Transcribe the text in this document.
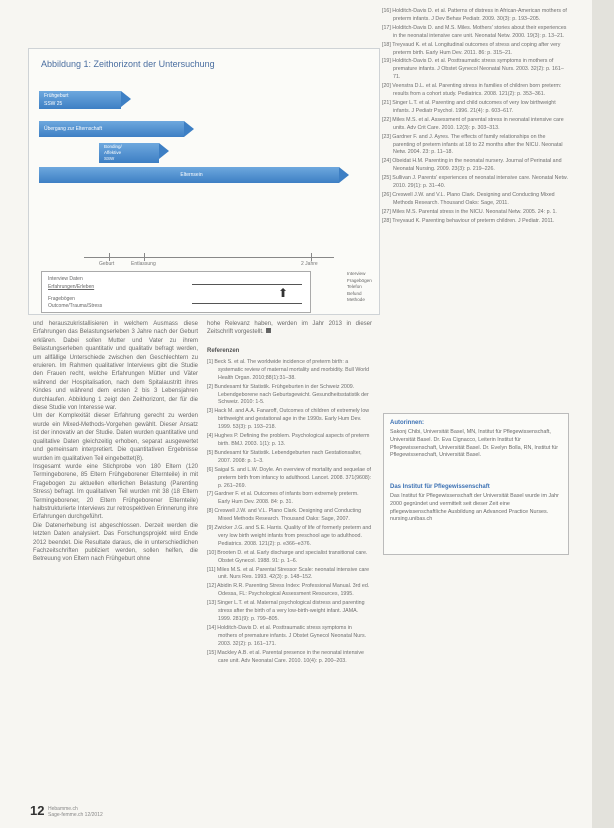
Abbildung 1: Zeithorizont der Untersuchung
Frühgeburt
SSW 25
Übergang zur Elternschaft
Bonding/
Affektive
SSW
Elternsein
Geburt	Entlassung	2 Jahre
Interview Daten
Erfahrungen/Erleben
Fragebögen
Outcome/Trauma/Stress
⬆
Interview
Fragebögen
Telefon
Befund
Methode

und herauszukristallisieren in welchem Ausmass diese Erfahrungen das Belastungserleben 3 Jahre nach der Geburt erklären. Dabei sollen Mutter und Vater zu ihrem Belastungserleben quantitativ und qualitativ befragt werden, um allfällige Unterschiede zwischen den Geschlechtern zu eruieren. Im Rahmen qualitativer Interviews gibt die Studie den Frauen recht, welche Erfahrungen Mütter und Väter während der Hospitalisation, nach dem Spitalaustritt ihres Kindes und während dem ersten 2 bis 3 Lebensjahren durchlaufen. Abbildung 1 zeigt den Zeithorizont, der für die diese Studie von Interesse war.

Um der Komplexität dieser Erfahrung gerecht zu werden wurde ein Mixed-Methods-Vorgehen gewählt. Dieser Ansatz ist der innovativ an der Studie. Daten wurden quantitative und qualitative Daten gleichzeitig erhoben, separat ausgewertet und gemeinsam interpretiert. Die quantitativen Ergebnisse wurden im qualitativen Teil eingebettet(8).

Insgesamt wurde eine Stichprobe von 180 Eltern (120 Termingeborene, 85 Eltern Frühgeborener Elternteile) in mit Fragebogen zu aktuellen elterlichen Belastung (Parenting Stress) befragt. Im qualitativen Teil wurden mit 38 (18 Eltern Termingeborener, 20 Eltern Frühgeborener Elternteile) halbstrukturierte Interviews zur retrospektiven Erinnerung ihre Erfahrungen durchgeführt.

Die Datenerhebung ist abgeschlossen. Derzeit werden die letzten Daten analysiert. Das Forschungsprojekt wird Ende 2012 beendet. Die Resultate daraus, die in unterschiedlichen Fachzeitschriften publiziert werden, sollen helfen, die Betreuung von Eltern nach Frühgeburt ohne

hohe Relevanz haben, werden im Jahr 2013 in dieser Zeitschrift vorgestellt.
Referenzen
[1] Beck S. et al. The worldwide incidence of preterm birth: a systematic review of maternal mortality and morbidity. Bull World Health Organ. 2010;88(1):31–38.
[2] Bundesamt für Statistik. Frühgeburten in der Schweiz 2009. Lebendgeborene nach Geburtsgewicht. Gesundheitsstatistik der Schweiz. 2010: 1-5.
[3] Hack M. and A.A. Fanaroff, Outcomes of children of extremely low birthweight and gestational age in the 1990s. Early Hum Dev. 1999. 53(3): p. 193–218.
[4] Hughes P. Defining the problem. Psychological aspects of preterm birth. BMJ. 2003. 1(1): p. 13.
[5] Bundesamt für Statistik. Lebendgeburten nach Gestationsalter, 2007. 2008: p. 1–3.
[6] Saigal S. and L.W. Doyle. An overview of mortality and sequelae of preterm birth from infancy to adulthood. Lancet. 2008. 371(9608): p. 261–269.
[7] Gardner F. et al. Outcomes of infants born extremely preterm. Early Hum Dev. 2008. 84: p. 31.
[8] Creswell J.W. and V.L. Plano Clark. Designing and Conducting Mixed Methods Research. Thousand Oaks: Sage, 2007.
[9] Zwicker J.G. and S.E. Harris. Quality of life of formerly preterm and very low birth weight infants from preschool age to adulthood. Pediatrics. 2008. 121(2): p. e366–e376.
[10] Brooten D. et al. Early discharge and specialist transitional care. Obstet Gynecol. 1988. 91: p. 1–6.
[11] Miles M.S. et al. Parental Stressor Scale: neonatal intensive care unit. Nurs Res. 1993. 42(3): p. 148–152.
[12] Abidin R.R. Parenting Stress Index: Professional Manual. 3rd ed. Odessa, FL: Psychological Assessment Resources, 1995.
[13] Singer L.T. et al. Maternal psychological distress and parenting stress after the birth of a very low-birth-weight infant. JAMA. 1999. 281(9): p. 799–805.
[14] Holditch-Davis D. et al. Posttraumatic stress symptoms in mothers of premature infants. J Obstet Gynecol Neonatal Nurs. 2003. 32(2): p. 161–171.
[15] Mackley A.B. et al. Parental presence in the neonatal intensive care unit. Adv Neonatal Care. 2010. 10(4): p. 200–203.
[16] Holditch-Davis D. et al. Patterns of distress in African-American mothers of preterm infants. J Dev Behav Pediatr. 2009. 30(3): p. 193–205.
[17] Holditch-Davis D. and M.S. Miles. Mothers' stories about their experiences in the neonatal intensive care unit. Neonatal Netw. 2000. 19(3): p. 13–21.
[18] Treyvaud K. et al. Longitudinal outcomes of stress and coping after very preterm birth. Early Hum Dev. 2011. 86: p. 315–21.
[19] Holditch-Davis D. et al. Posttraumatic stress symptoms in mothers of premature infants. J Obstet Gynecol Neonatal Nurs. 2003. 32(2): p. 161–71.
[20] Veenstra D.L. et al. Parenting stress in families of children born preterm: results from a cohort study. Pediatrics. 2008. 121(2): p. 353–361.
[21] Singer L.T. et al. Parenting and child outcomes of very low birthweight infants. J Pediatr Psychol. 1996. 21(4): p. 603–617.
[22] Miles M.S. et al. Assessment of parental stress in neonatal intensive care units. Adv Crit Care. 2010. 12(3): p. 303–313.
[23] Gardner F. and J. Ayres. The effects of family relationships on the parenting of preterm infants at 18 to 22 months after the NICU. Neonatal Netw. 2004. 23: p. 11–18.
[24] Obeidat H.M. Parenting in the neonatal nursery. Journal of Perinatal and Neonatal Nursing. 2009. 23(3): p. 219–226.
[25] Sullivan J. Parents' experiences of neonatal intensive care. Neonatal Netw. 2010. 29(1): p. 31–40.
[26] Creswell J.W. and V.L. Plano Clark. Designing and Conducting Mixed Methods Research. Thousand Oaks: Sage, 2011.
[27] Miles M.S. Parental stress in the NICU. Neonatal Netw. 2005. 24: p. 1.
[28] Treyvaud K. Parenting behaviour of preterm children. J Pediatr. 2011.
Autorinnen:
Sakonj Chibi, Universität Basel, MN, Institut für Pflegewissenschaft, Universität Basel. Dr. Eva Cignacco, Leiterin Institut für Pflegewissenschaft, Universität Basel. Dr. Evelyn Bolla, RN, Institut für Pflegewissenschaft, Universität Basel.
Das Institut für Pflegewissenschaft
Das Institut für Pflegewissenschaft der Universität Basel wurde im Jahr 2000 gegründet und vermittelt seit dieser Zeit eine pflegewissenschaftliche Ausbildung an Advanced Practice Nurses. nursing.unibas.ch
12 Hebamme.ch
Sage-femme.ch 12/2012
